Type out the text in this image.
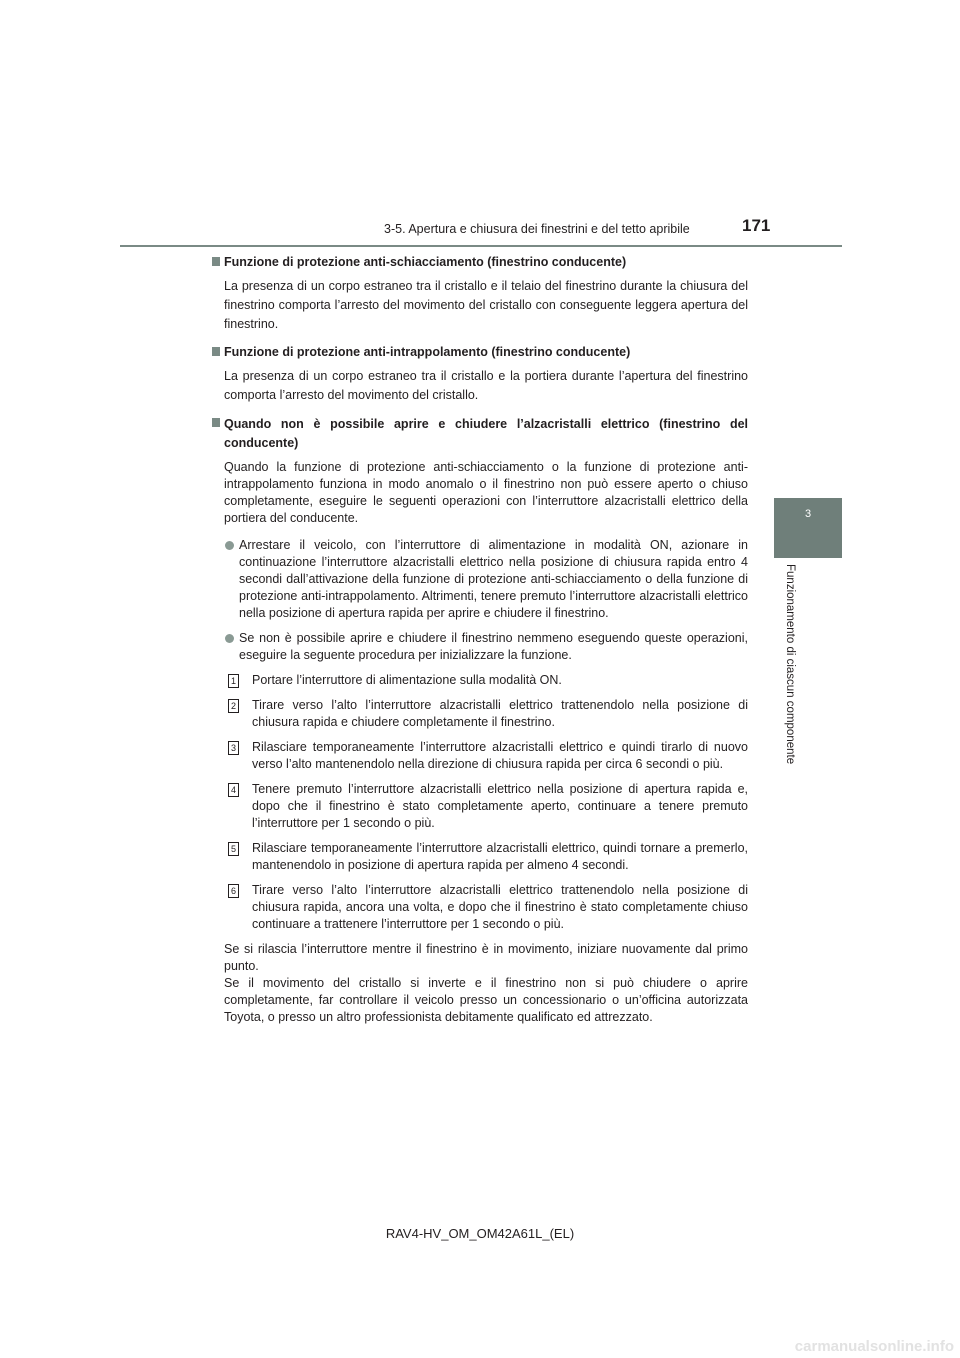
3-5. Apertura e chiusura dei finestrini e del tetto apribile	171
3
Funzionamento di ciascun componente
Funzione di protezione anti-schiacciamento (finestrino conducente)

La presenza di un corpo estraneo tra il cristallo e il telaio del finestrino durante la chiusura del finestrino comporta l’arresto del movimento del cristallo con conseguente leggera apertura del finestrino.

Funzione di protezione anti-intrappolamento (finestrino conducente)

La presenza di un corpo estraneo tra il cristallo e la portiera durante l’apertura del finestrino comporta l’arresto del movimento del cristallo.

Quando non è possibile aprire e chiudere l’alzacristalli elettrico (finestrino del conducente)

Quando la funzione di protezione anti-schiacciamento o la funzione di protezione anti-intrappolamento funziona in modo anomalo o il finestrino non può essere aperto o chiuso completamente, eseguire le seguenti operazioni con l’interruttore alzacristalli elettrico della portiera del conducente.

Arrestare il veicolo, con l’interruttore di alimentazione in modalità ON, azionare in continuazione l’interruttore alzacristalli elettrico nella posizione di chiusura rapida entro 4 secondi dall’attivazione della funzione di protezione anti-schiacciamento o della funzione di protezione anti-intrappolamento. Altrimenti, tenere premuto l’interruttore alzacristalli elettrico nella posizione di apertura rapida per aprire e chiudere il finestrino.
Se non è possibile aprire e chiudere il finestrino nemmeno eseguendo queste operazioni, eseguire la seguente procedura per inizializzare la funzione.
1 Portare l’interruttore di alimentazione sulla modalità ON.
2 Tirare verso l’alto l’interruttore alzacristalli elettrico trattenendolo nella posizione di chiusura rapida e chiudere completamente il finestrino.
3 Rilasciare temporaneamente l’interruttore alzacristalli elettrico e quindi tirarlo di nuovo verso l’alto mantenendolo nella direzione di chiusura rapida per circa 6 secondi o più.
4 Tenere premuto l’interruttore alzacristalli elettrico nella posizione di apertura rapida e, dopo che il finestrino è stato completamente aperto, continuare a tenere premuto l’interruttore per 1 secondo o più.
5 Rilasciare temporaneamente l’interruttore alzacristalli elettrico, quindi tornare a premerlo, mantenendolo in posizione di apertura rapida per almeno 4 secondi.
6 Tirare verso l’alto l’interruttore alzacristalli elettrico trattenendolo nella posizione di chiusura rapida, ancora una volta, e dopo che il finestrino è stato completamente chiuso continuare a trattenere l’interruttore per 1 secondo o più.

Se si rilascia l’interruttore mentre il finestrino è in movimento, iniziare nuovamente dal primo punto.
Se il movimento del cristallo si inverte e il finestrino non si può chiudere o aprire completamente, far controllare il veicolo presso un concessionario o un’officina autorizzata Toyota, o presso un altro professionista debitamente qualificato ed attrezzato.

RAV4-HV_OM_OM42A61L_(EL)
carmanualsonline.info
